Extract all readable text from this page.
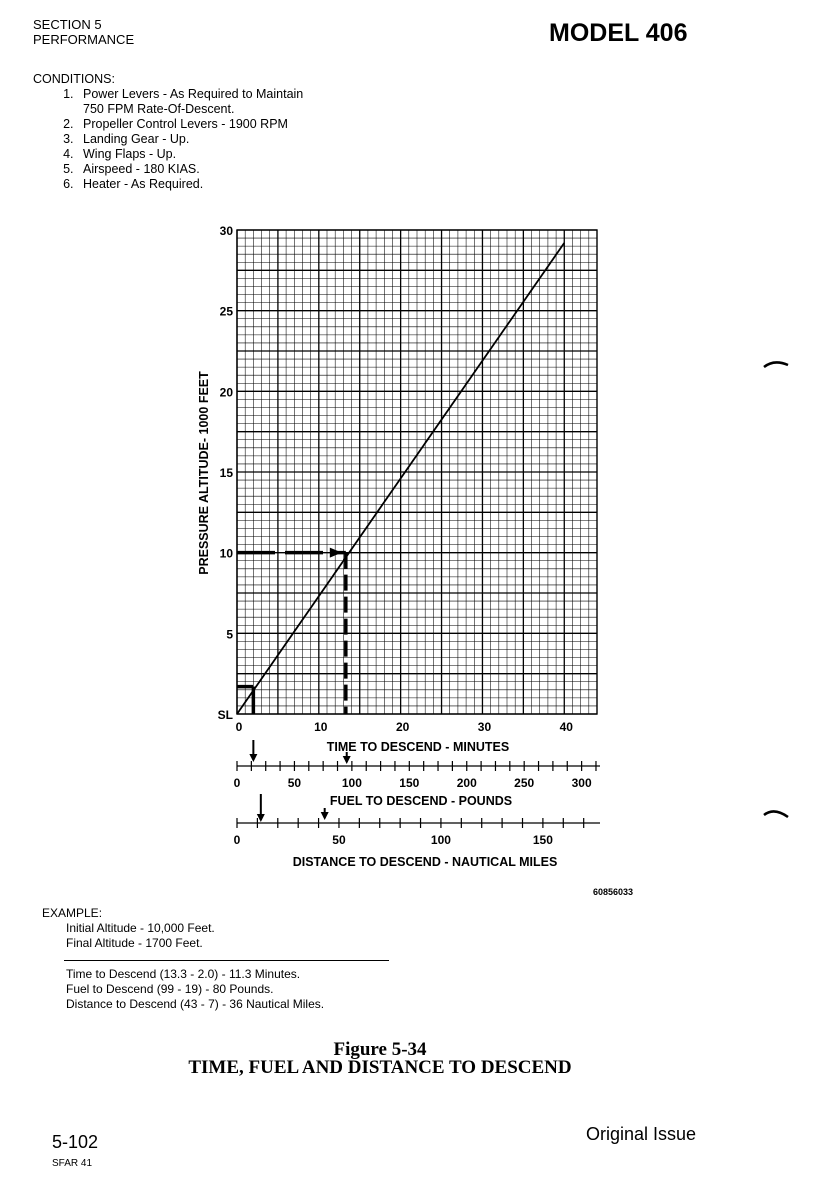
SECTION 5
PERFORMANCE	MODEL 406
CONDITIONS:
1. Power Levers - As Required to Maintain 750 FPM Rate-Of-Descent.
2. Propeller Control Levers - 1900 RPM
3. Landing Gear - Up.
4. Wing Flaps - Up.
5. Airspeed - 180 KIAS.
6. Heater - As Required.
SL
5
10
15
20
25
30
0	10	20	30	40
0	50	100	150	200	250	300
0	50	100	150
PRESSURE ALTITUDE- 1000 FEET
TIME TO DESCEND - MINUTES
FUEL TO DESCEND - POUNDS
DISTANCE TO DESCEND - NAUTICAL MILES
60856033
EXAMPLE:
Initial Altitude - 10,000 Feet.
Final Altitude - 1700 Feet.
Time to Descend (13.3 - 2.0) - 11.3 Minutes.
Fuel to Descend (99 - 19) - 80 Pounds.
Distance to Descend (43 - 7) - 36 Nautical Miles.
Figure 5-34
TIME, FUEL AND DISTANCE TO DESCEND
5-102
SFAR 41
Original Issue
